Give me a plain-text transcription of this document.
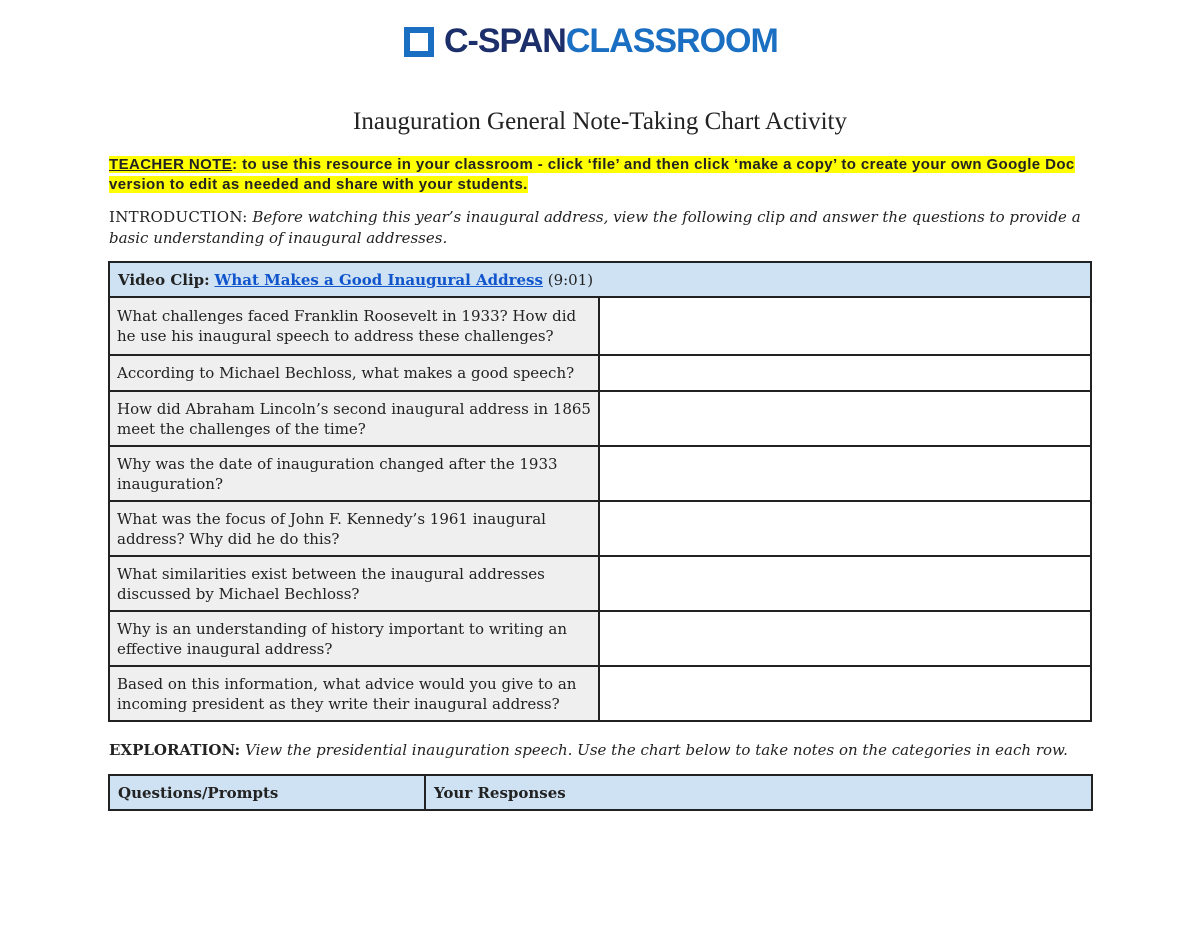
C-SPAN CLASSROOM
Inauguration General Note-Taking Chart Activity
TEACHER NOTE: to use this resource in your classroom - click ‘file’ and then click ‘make a copy’ to create your own Google Doc version to edit as needed and share with your students.
INTRODUCTION: Before watching this year’s inaugural address, view the following clip and answer the questions to provide a basic understanding of inaugural addresses.
Video Clip: What Makes a Good Inaugural Address (9:01)	
What challenges faced Franklin Roosevelt in 1933? How did he use his inaugural speech to address these challenges?	
According to Michael Bechloss, what makes a good speech?	
How did Abraham Lincoln’s second inaugural address in 1865 meet the challenges of the time?	
Why was the date of inauguration changed after the 1933 inauguration?	
What was the focus of John F. Kennedy’s 1961 inaugural address? Why did he do this?	
What similarities exist between the inaugural addresses discussed by Michael Bechloss?	
Why is an understanding of history important to writing an effective inaugural address?	
Based on this information, what advice would you give to an incoming president as they write their inaugural address?	
EXPLORATION: View the presidential inauguration speech. Use the chart below to take notes on the categories in each row.
Questions/Prompts	Your Responses
